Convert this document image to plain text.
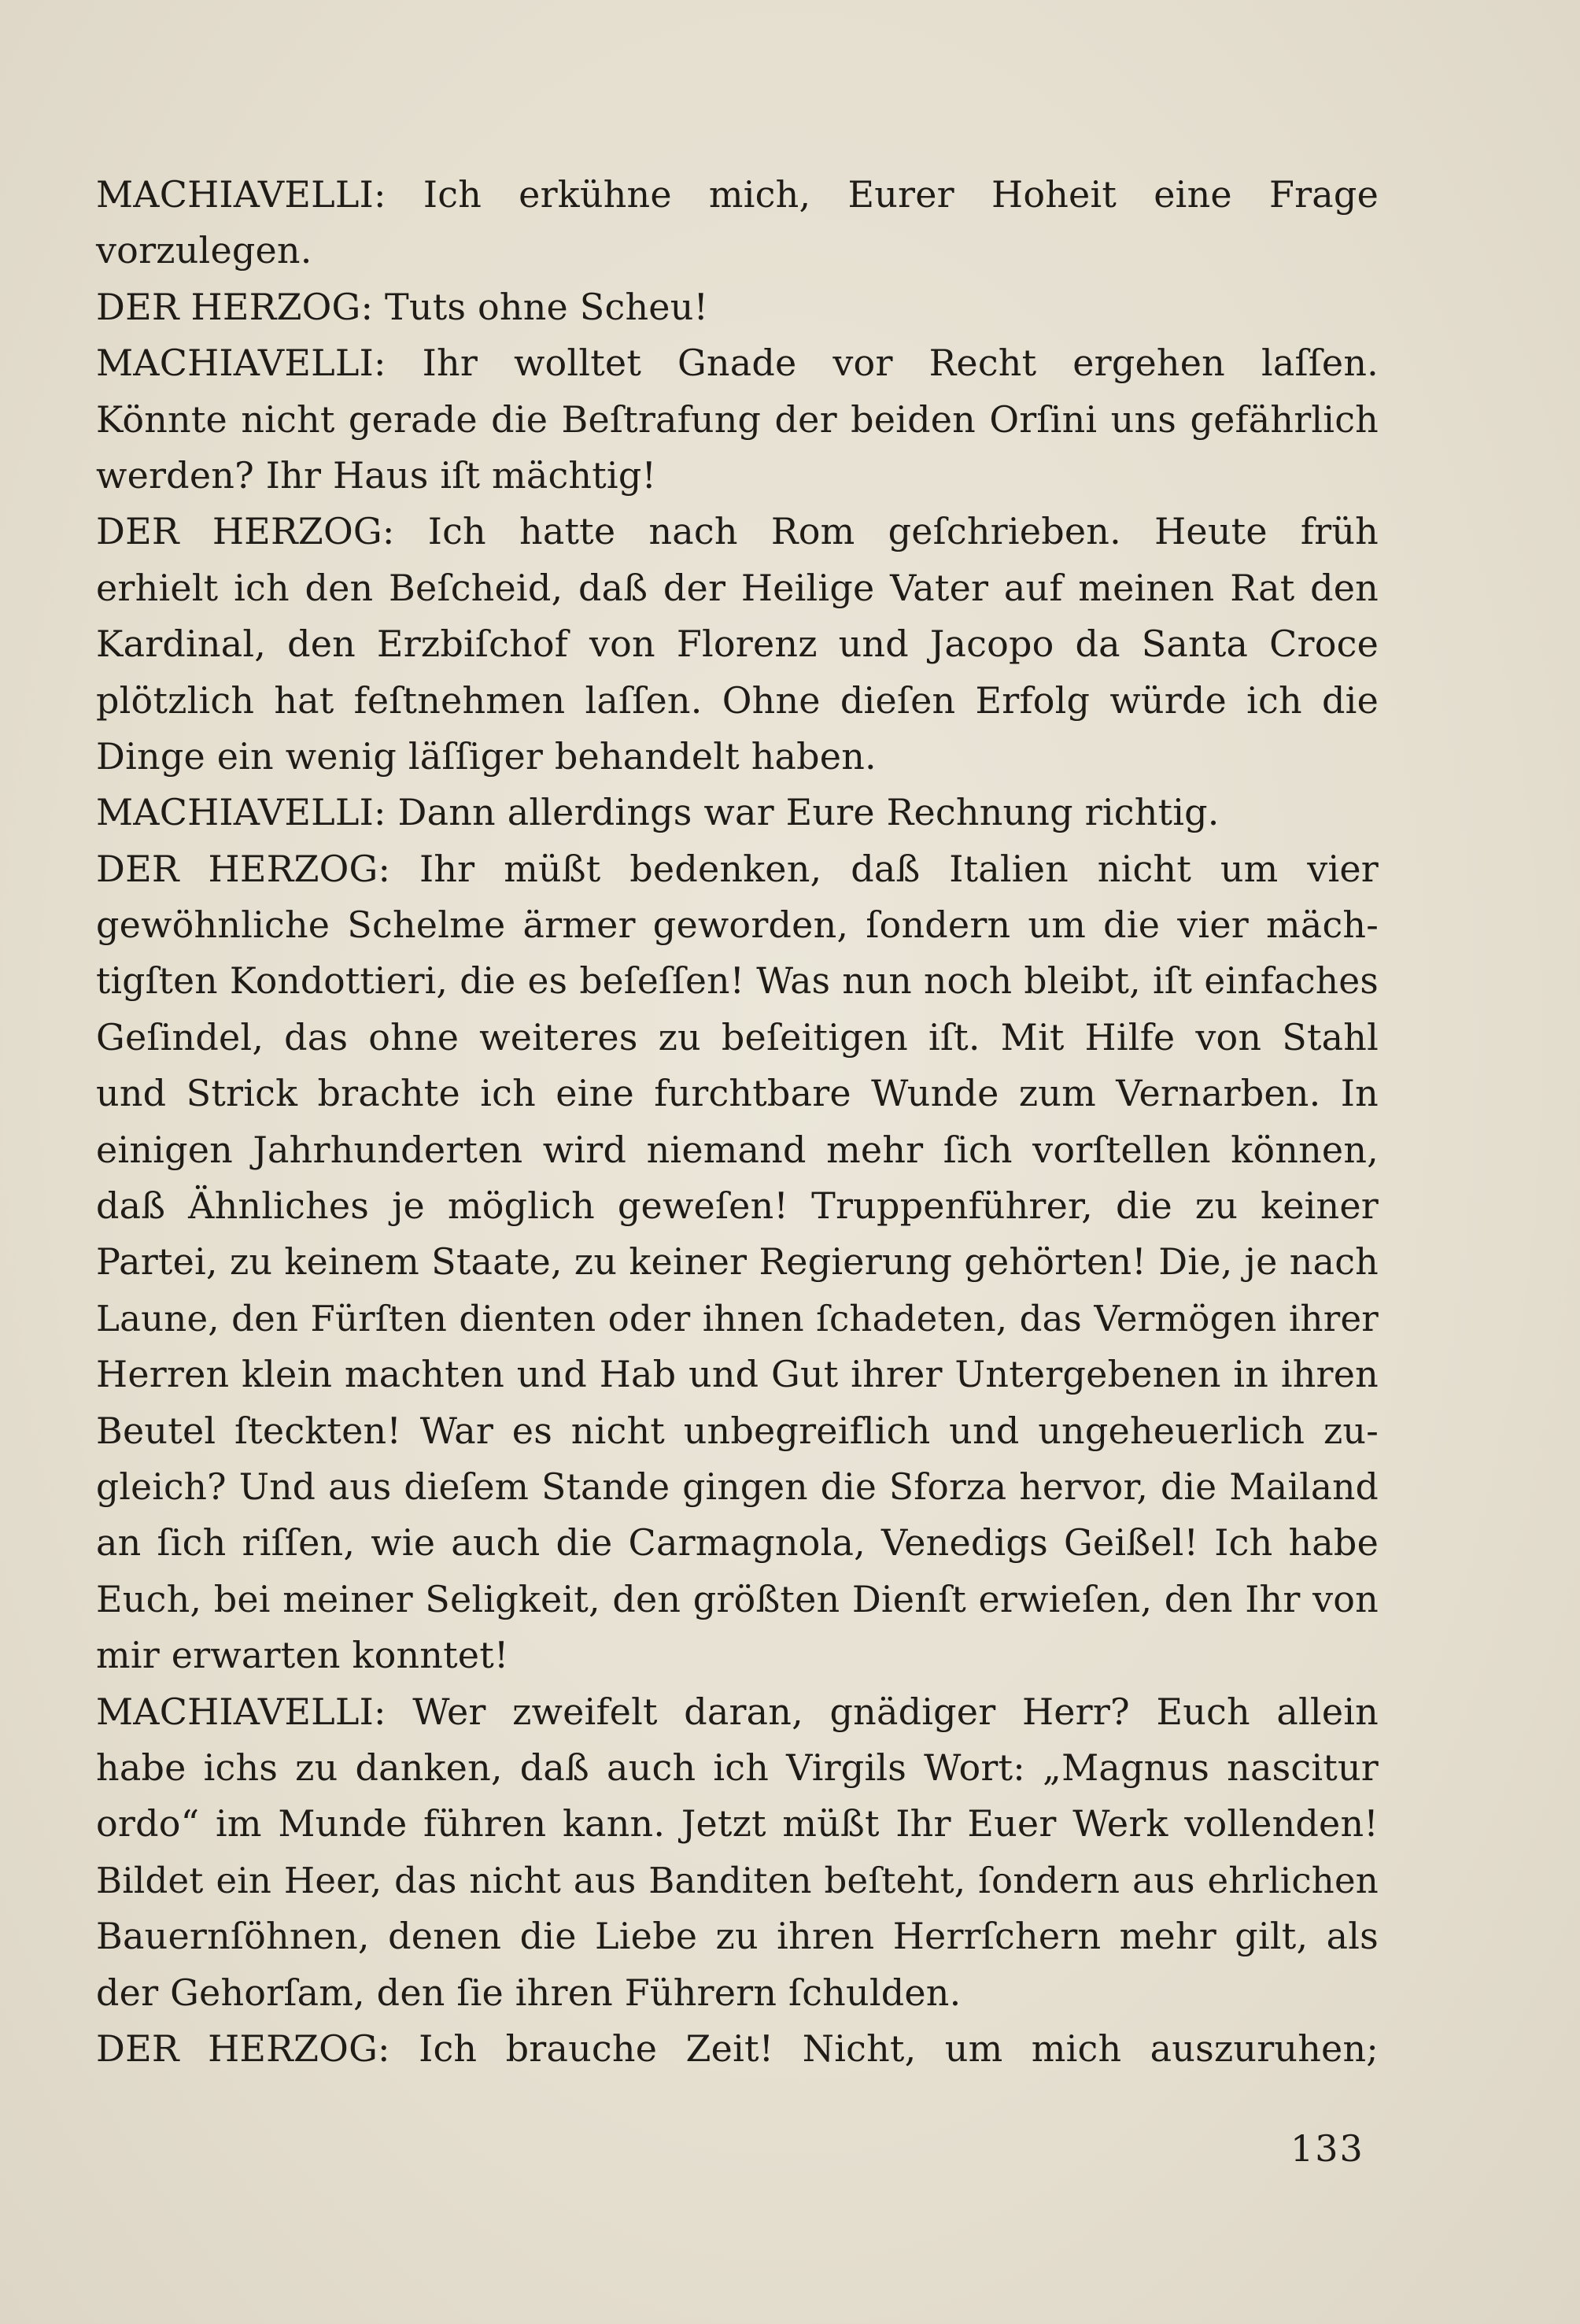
MACHIAVELLI: Ich erkühne mich, Eurer Hoheit eine Frage
vorzulegen.
DER HERZOG: Tuts ohne Scheu!
MACHIAVELLI: Ihr wolltet Gnade vor Recht ergehen laſſen.
Könnte nicht gerade die Beſtrafung der beiden Orſini uns gefährlich
werden? Ihr Haus iſt mächtig!
DER HERZOG: Ich hatte nach Rom geſchrieben. Heute früh
erhielt ich den Beſcheid, daß der Heilige Vater auf meinen Rat den
Kardinal, den Erzbiſchof von Florenz und Jacopo da Santa Croce
plötzlich hat feſtnehmen laſſen. Ohne dieſen Erfolg würde ich die
Dinge ein wenig läſſiger behandelt haben.
MACHIAVELLI: Dann allerdings war Eure Rechnung richtig.
DER HERZOG: Ihr müßt bedenken, daß Italien nicht um vier
gewöhnliche Schelme ärmer geworden, ſondern um die vier mäch-
tigſten Kondottieri, die es beſeſſen! Was nun noch bleibt, iſt einfaches
Geſindel, das ohne weiteres zu beſeitigen iſt. Mit Hilfe von Stahl
und Strick brachte ich eine furchtbare Wunde zum Vernarben. In
einigen Jahrhunderten wird niemand mehr ſich vorſtellen können,
daß Ähnliches je möglich geweſen! Truppenführer, die zu keiner
Partei, zu keinem Staate, zu keiner Regierung gehörten! Die, je nach
Laune, den Fürſten dienten oder ihnen ſchadeten, das Vermögen ihrer
Herren klein machten und Hab und Gut ihrer Untergebenen in ihren
Beutel ſteckten! War es nicht unbegreiflich und ungeheuerlich zu-
gleich? Und aus dieſem Stande gingen die Sforza hervor, die Mailand
an ſich riſſen, wie auch die Carmagnola, Venedigs Geißel! Ich habe
Euch, bei meiner Seligkeit, den größten Dienſt erwieſen, den Ihr von
mir erwarten konntet!
MACHIAVELLI: Wer zweifelt daran, gnädiger Herr? Euch allein
habe ichs zu danken, daß auch ich Virgils Wort: „Magnus nascitur
ordo“ im Munde führen kann. Jetzt müßt Ihr Euer Werk vollenden!
Bildet ein Heer, das nicht aus Banditen beſteht, ſondern aus ehrlichen
Bauernſöhnen, denen die Liebe zu ihren Herrſchern mehr gilt, als
der Gehorſam, den ſie ihren Führern ſchulden.
DER HERZOG: Ich brauche Zeit! Nicht, um mich auszuruhen;
133
